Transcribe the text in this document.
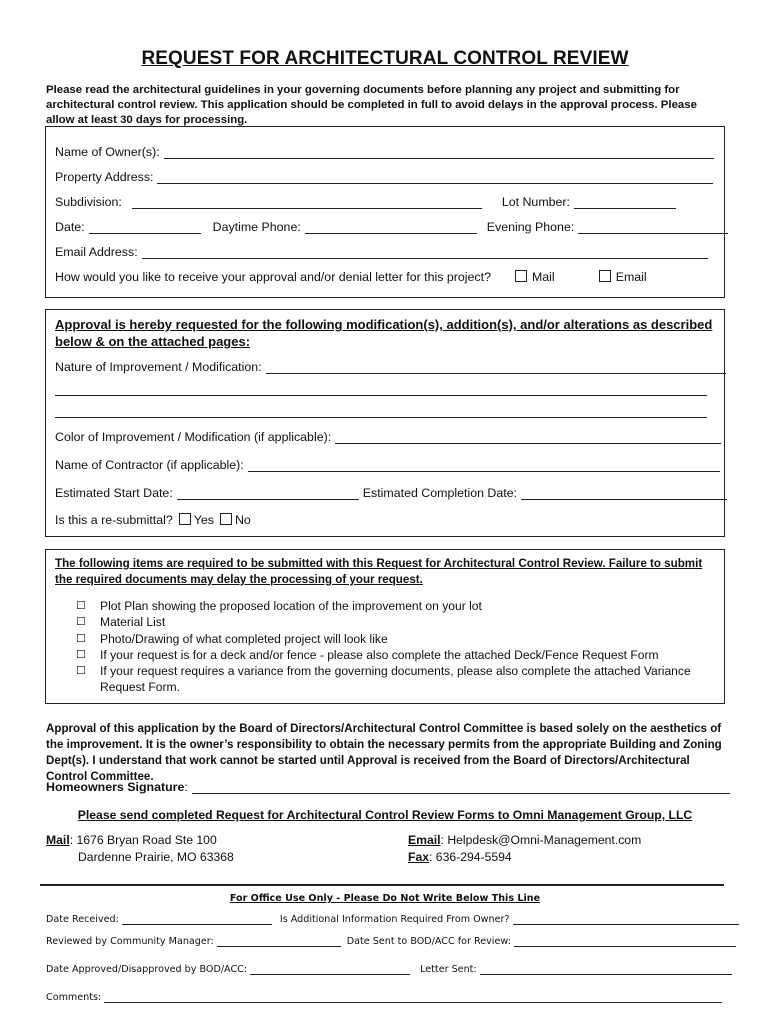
REQUEST FOR ARCHITECTURAL CONTROL REVIEW
Please read the architectural guidelines in your governing documents before planning any project and submitting for architectural control review. This application should be completed in full to avoid delays in the approval process. Please allow at least 30 days for processing.
Name of Owner(s):
Property Address:
Subdivision:	Lot Number:
Date:	Daytime Phone:	Evening Phone:
Email Address:
How would you like to receive your approval and/or denial letter for this project?	Mail	Email
Approval is hereby requested for the following modification(s), addition(s), and/or alterations as described below & on the attached pages:
Nature of Improvement / Modification:
Color of Improvement / Modification (if applicable):
Name of Contractor (if applicable):
Estimated Start Date:	Estimated Completion Date:
Is this a re-submittal? Yes No
The following items are required to be submitted with this Request for Architectural Control Review. Failure to submit the required documents may delay the processing of your request.
☐	Plot Plan showing the proposed location of the improvement on your lot
☐	Material List
☐	Photo/Drawing of what completed project will look like
☐	If your request is for a deck and/or fence - please also complete the attached Deck/Fence Request Form
☐	If your request requires a variance from the governing documents, please also complete the attached Variance Request Form.
Approval of this application by the Board of Directors/Architectural Control Committee is based solely on the aesthetics of the improvement. It is the owner’s responsibility to obtain the necessary permits from the appropriate Building and Zoning Dept(s). I understand that work cannot be started until Approval is received from the Board of Directors/Architectural Control Committee.
Homeowners Signature :
Please send completed Request for Architectural Control Review Forms to Omni Management Group, LLC
Mail: 1676 Bryan Road Ste 100
Dardenne Prairie, MO 63368
Email: Helpdesk@Omni-Management.com
Fax: 636-294-5594
For Office Use Only - Please Do Not Write Below This Line
Date Received:	Is Additional Information Required From Owner?
Reviewed by Community Manager:	Date Sent to BOD/ACC for Review:
Date Approved/Disapproved by BOD/ACC:	Letter Sent:
Comments:
